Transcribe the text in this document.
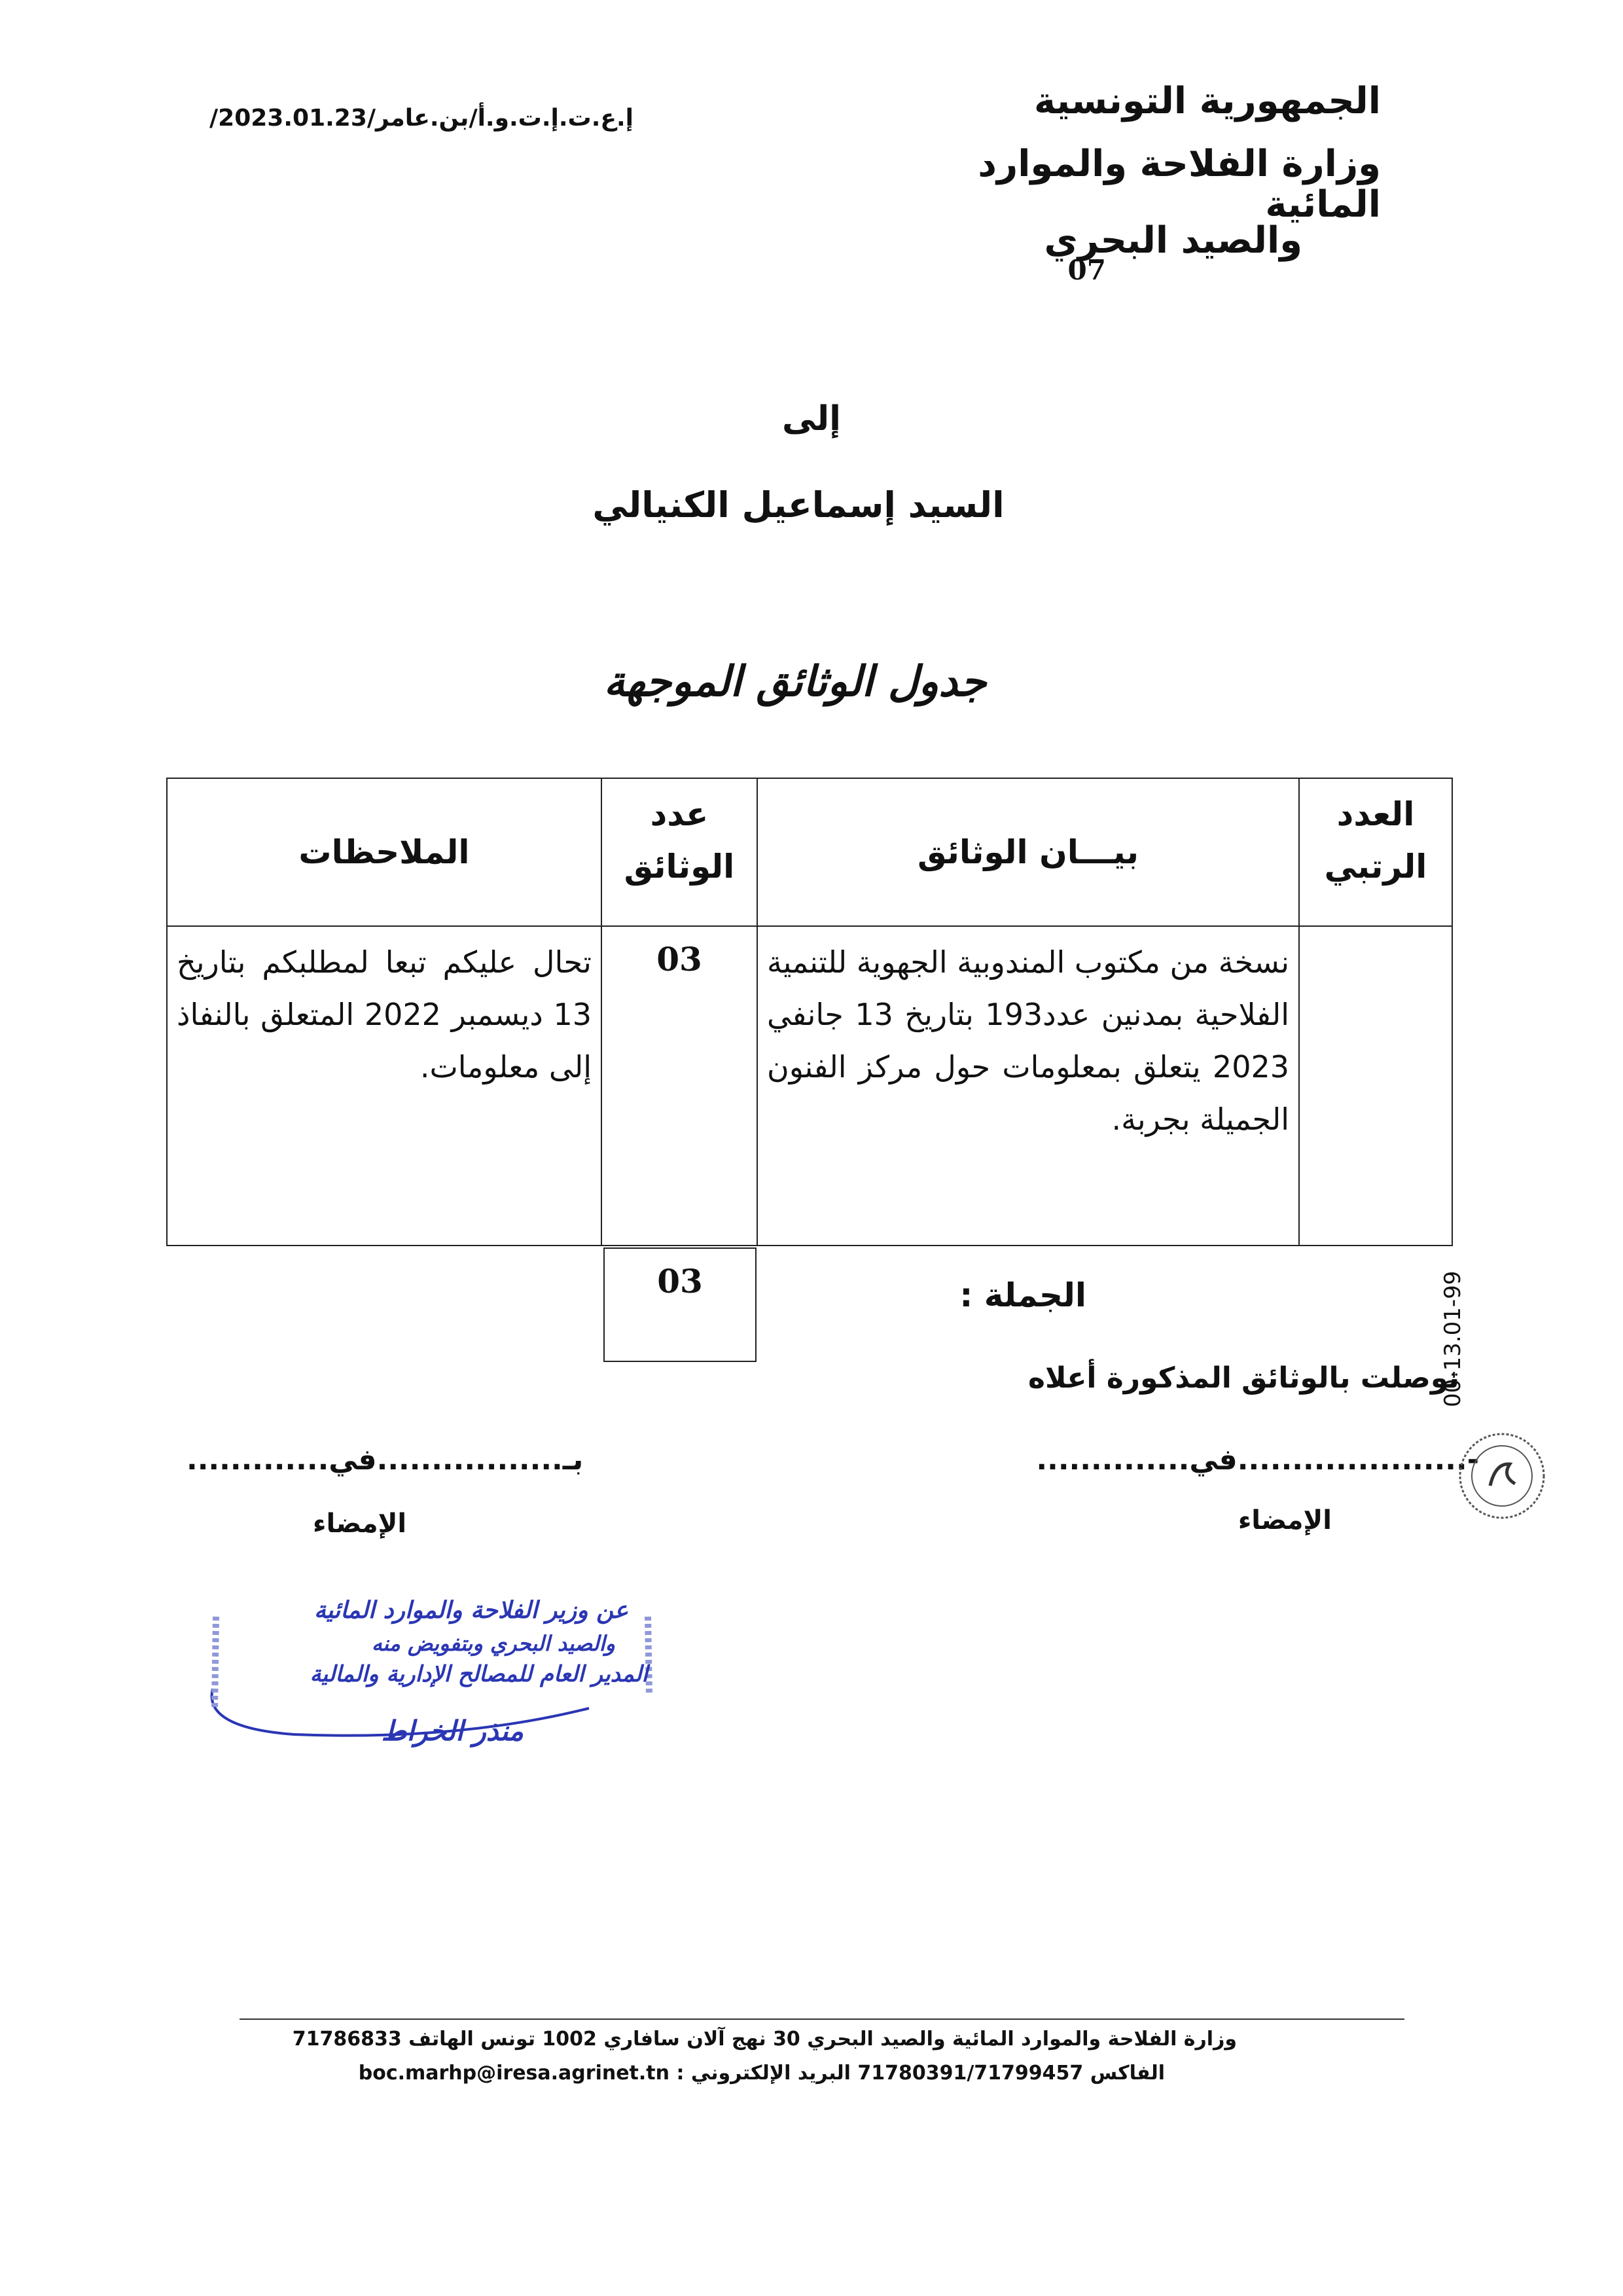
الجمهورية التونسية
وزارة الفلاحة والموارد المائية
والصيد البحري
07
إ.ع.ت.إ.ت.و.أ/بن.عامر/2023.01.23/
إلى
السيد إسماعيل الكنيالي
جدول الوثائق الموجهة
العدد الرتبي	بيـــان الوثائق	عدد الوثائق	الملاحظات
	نسخة من مكتوب المندوبية الجهوية للتنمية الفلاحية بمدنين عدد193 بتاريخ 13 جانفي 2023 يتعلق بمعلومات حول مركز الفنون الجميلة بجربة.	03	تحال عليكم تبعا لمطلبكم بتاريخ 13 ديسمبر 2022 المتعلق بالنفاذ إلى معلومات.
03	الجملة :
توصلت بالوثائق المذكورة أعلاه
-.....................في..............
بـ.................في.............
الإمضاء
الإمضاء
00-13.01-99
عن وزير الفلاحة والموارد المائية
والصيد البحري وبتفويض منه
المدير العام للمصالح الإدارية والمالية
منذر الخراط
وزارة الفلاحة والموارد المائية والصيد البحري 30 نهج آلان سافاري 1002 تونس الهاتف 71786833
الفاكس 71780391/71799457 البريد الإلكتروني : boc.marhp@iresa.agrinet.tn
